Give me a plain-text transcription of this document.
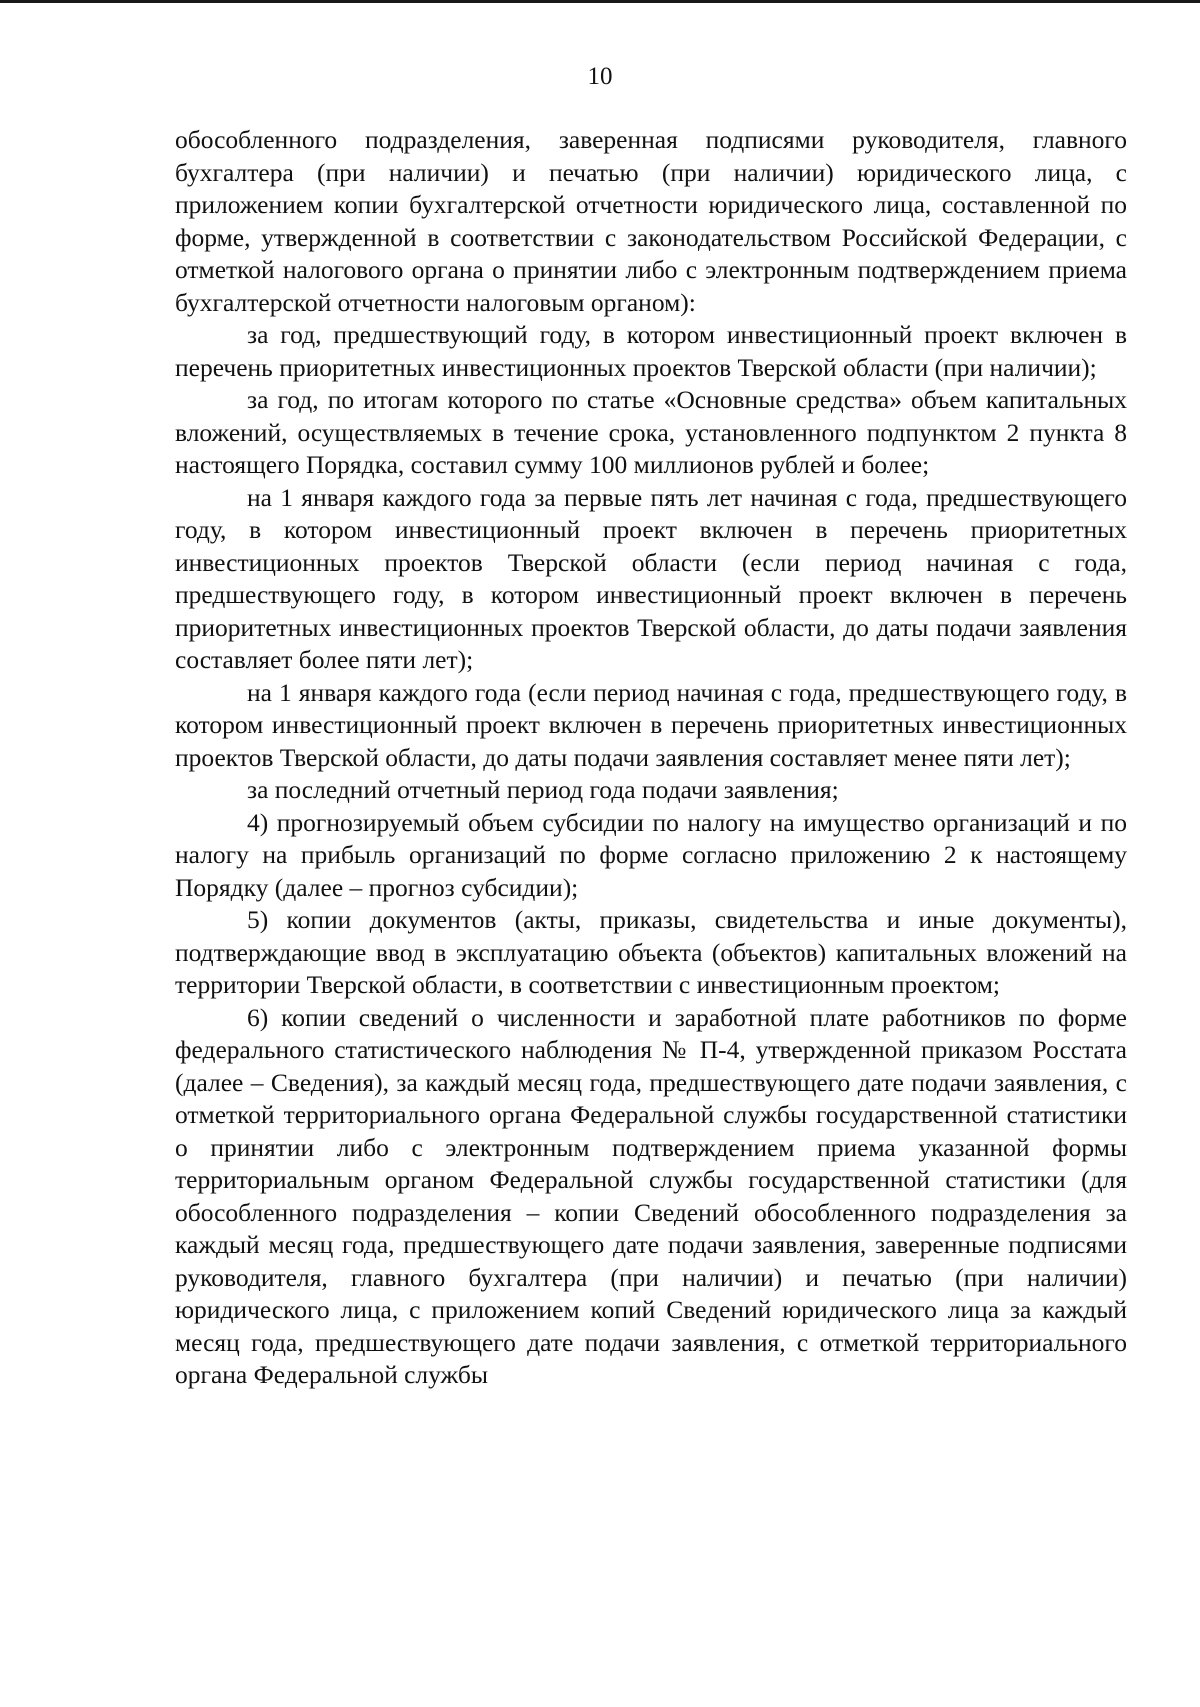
10

обособленного подразделения, заверенная подписями руководителя, главного бухгалтера (при наличии) и печатью (при наличии) юридического лица, с приложением копии бухгалтерской отчетности юридического лица, составленной по форме, утвержденной в соответствии с законодательством Российской Федерации, с отметкой налогового органа о принятии либо с электронным подтверждением приема бухгалтерской отчетности налоговым органом):

за год, предшествующий году, в котором инвестиционный проект включен в перечень приоритетных инвестиционных проектов Тверской области (при наличии);

за год, по итогам которого по статье «Основные средства» объем капитальных вложений, осуществляемых в течение срока, установленного подпунктом 2 пункта 8 настоящего Порядка, составил сумму 100 миллионов рублей и более;

на 1 января каждого года за первые пять лет начиная с года, предшествующего году, в котором инвестиционный проект включен в перечень приоритетных инвестиционных проектов Тверской области (если период начиная с года, предшествующего году, в котором инвестиционный проект включен в перечень приоритетных инвестиционных проектов Тверской области, до даты подачи заявления составляет более пяти лет);

на 1 января каждого года (если период начиная с года, предшествующего году, в котором инвестиционный проект включен в перечень приоритетных инвестиционных проектов Тверской области, до даты подачи заявления составляет менее пяти лет);

за последний отчетный период года подачи заявления;

4) прогнозируемый объем субсидии по налогу на имущество организаций и по налогу на прибыль организаций по форме согласно приложению 2 к настоящему Порядку (далее – прогноз субсидии);

5) копии документов (акты, приказы, свидетельства и иные документы), подтверждающие ввод в эксплуатацию объекта (объектов) капитальных вложений на территории Тверской области, в соответствии с инвестиционным проектом;

6) копии сведений о численности и заработной плате работников по форме федерального статистического наблюдения № П-4, утвержденной приказом Росстата (далее – Сведения), за каждый месяц года, предшествующего дате подачи заявления, с отметкой территориального органа Федеральной службы государственной статистики о принятии либо с электронным подтверждением приема указанной формы территориальным органом Федеральной службы государственной статистики (для обособленного подразделения – копии Сведений обособленного подразделения за каждый месяц года, предшествующего дате подачи заявления, заверенные подписями руководителя, главного бухгалтера (при наличии) и печатью (при наличии) юридического лица, с приложением копий Сведений юридического лица за каждый месяц года, предшествующего дате подачи заявления, с отметкой территориального органа Федеральной службы
